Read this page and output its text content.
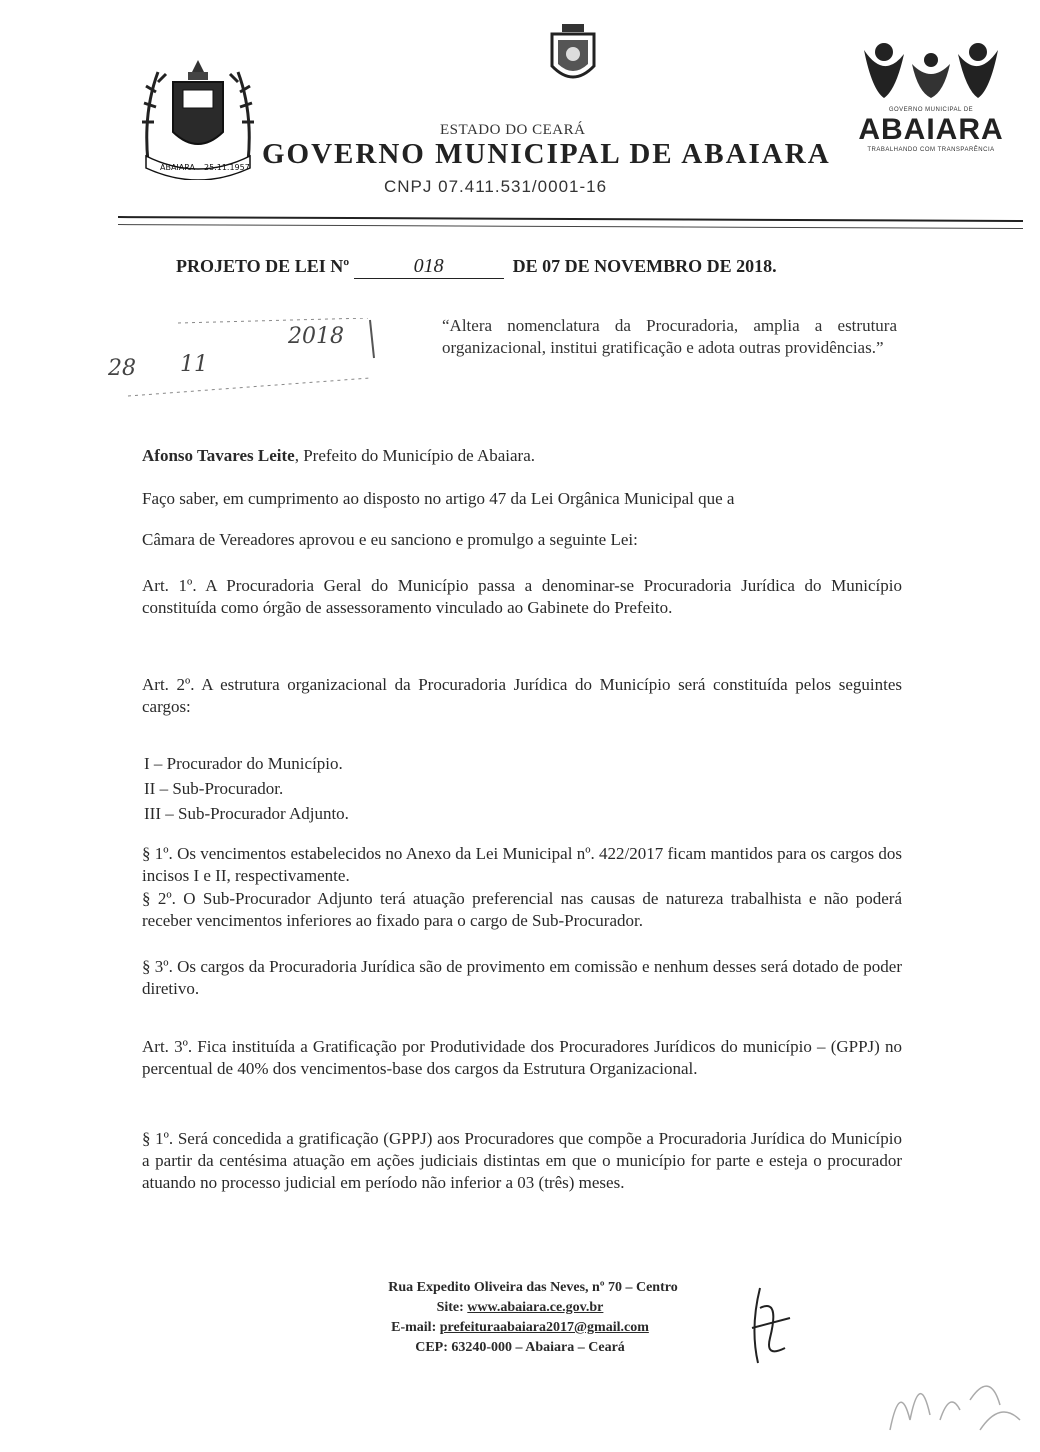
ABAIARA 25.11.1957
GOVERNO MUNICIPAL DE
ABAIARA
TRABALHANDO COM TRANSPARÊNCIA
ESTADO DO CEARÁ
GOVERNO MUNICIPAL DE ABAIARA
CNPJ 07.411.531/0001-16
PROJETO DE LEI Nº	018	DE 07 DE NOVEMBRO DE 2018.
28 11
2018	“Altera nomenclatura da Procuradoria, amplia a estrutura organizacional, institui gratificação e adota outras providências.”
Afonso Tavares Leite, Prefeito do Município de Abaiara.
Faço saber, em cumprimento ao disposto no artigo 47 da Lei Orgânica Municipal que a
Câmara de Vereadores aprovou e eu sanciono e promulgo a seguinte Lei:
Art. 1º. A Procuradoria Geral do Município passa a denominar-se Procuradoria Jurídica do Município constituída como órgão de assessoramento vinculado ao Gabinete do Prefeito.
Art. 2º. A estrutura organizacional da Procuradoria Jurídica do Município será constituída pelos seguintes cargos:
I – Procurador do Município.
II – Sub-Procurador.
III – Sub-Procurador Adjunto.
§ 1º. Os vencimentos estabelecidos no Anexo da Lei Municipal nº. 422/2017 ficam mantidos para os cargos dos incisos I e II, respectivamente.
§ 2º. O Sub-Procurador Adjunto terá atuação preferencial nas causas de natureza trabalhista e não poderá receber vencimentos inferiores ao fixado para o cargo de Sub-Procurador.
§ 3º. Os cargos da Procuradoria Jurídica são de provimento em comissão e nenhum desses será dotado de poder diretivo.
Art. 3º. Fica instituída a Gratificação por Produtividade dos Procuradores Jurídicos do município – (GPPJ) no percentual de 40% dos vencimentos-base dos cargos da Estrutura Organizacional.
§ 1º. Será concedida a gratificação (GPPJ) aos Procuradores que compõe a Procuradoria Jurídica do Município a partir da centésima atuação em ações judiciais distintas em que o município for parte e esteja o procurador atuando no processo judicial em período não inferior a 03 (três) meses.
Rua Expedito Oliveira das Neves, nº 70 – Centro
Site: www.abaiara.ce.gov.br
E-mail: prefeituraabaiara2017@gmail.com
CEP: 63240-000 – Abaiara – Ceará
